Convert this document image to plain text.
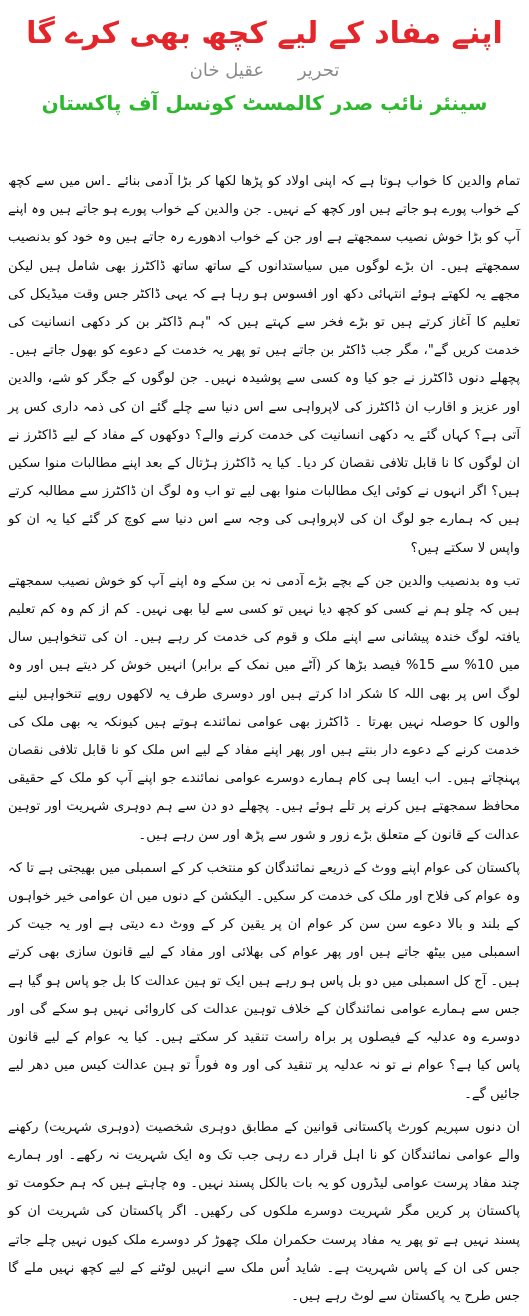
اپنے مفاد کے لیے کچھ بھی کرے گا
تحریر عقیل خان
سینئر نائب صدر کالمسٹ کونسل آف پاکستان

تمام والدین کا خواب ہوتا ہے کہ اپنی اولاد کو پڑھا لکھا کر بڑا آدمی بنائے ۔اس میں سے کچھ کے خواب پورے ہو جاتے ہیں اور کچھ کے نہیں۔ جن والدین کے خواب پورے ہو جاتے ہیں وہ اپنے آپ کو بڑا خوش نصیب سمجھتے ہے اور جن کے خواب ادھورے رہ جاتے ہیں وہ خود کو بدنصیب سمجھتے ہیں۔ ان بڑے لوگوں میں سیاستدانوں کے ساتھ ساتھ ڈاکٹرز بھی شامل ہیں لیکن مجھے یہ لکھتے ہوئے انتہائی دکھ اور افسوس ہو رہا ہے کہ یہی ڈاکٹر جس وقت میڈیکل کی تعلیم کا آغاز کرتے ہیں تو بڑے فخر سے کہتے ہیں کہ "ہم ڈاکٹر بن کر دکھی انسانیت کی خدمت کریں گے"، مگر جب ڈاکٹر بن جاتے ہیں تو پھر یہ خدمت کے دعوے کو بھول جاتے ہیں۔ پچھلے دنوں ڈاکٹرز نے جو کیا وہ کسی سے پوشیدہ نہیں۔ جن لوگوں کے جگر کو شے، والدین اور عزیز و اقارب ان ڈاکٹرز کی لاپرواہی سے اس دنیا سے چلے گئے ان کی ذمہ داری کس پر آتی ہے؟ کہاں گئے یہ دکھی انسانیت کی خدمت کرنے والے؟ دوکھوں کے مفاد کے لیے ڈاکٹرز نے ان لوگوں کا نا قابل تلافی نقصان کر دیا۔ کیا یہ ڈاکٹرز ہڑتال کے بعد اپنے مطالبات منوا سکیں ہیں؟ اگر انہوں نے کوئی ایک مطالبات منوا بھی لیے تو اب وہ لوگ ان ڈاکٹرز سے مطالبہ کرتے ہیں کہ ہمارے جو لوگ ان کی لاپرواہی کی وجہ سے اس دنیا سے کوچ کر گئے کیا یہ ان کو واپس لا سکتے ہیں؟

تب وہ بدنصیب والدین جن کے بچے بڑے آدمی نہ بن سکے وہ اپنے آپ کو خوش نصیب سمجھتے ہیں کہ چلو ہم نے کسی کو کچھ دیا نہیں تو کسی سے لیا بھی نہیں۔ کم از کم وہ کم تعلیم یافتہ لوگ خندہ پیشانی سے اپنے ملک و قوم کی خدمت کر رہے ہیں۔ ان کی تنخواہیں سال میں 10% سے 15% فیصد بڑھا کر (آٹے میں نمک کے برابر) انہیں خوش کر دیتے ہیں اور وہ لوگ اس پر بھی اللہ کا شکر ادا کرتے ہیں اور دوسری طرف یہ لاکھوں روپے تنخواہیں لینے والوں کا حوصلہ نہیں بھرتا ۔ ڈاکٹرز بھی عوامی نمائندے ہوتے ہیں کیونکہ یہ بھی ملک کی خدمت کرنے کے دعوے دار بنتے ہیں اور پھر اپنے مفاد کے لیے اس ملک کو نا قابل تلافی نقصان پہنچاتے ہیں۔ اب ایسا ہی کام ہمارے دوسرے عوامی نمائندے جو اپنے آپ کو ملک کے حقیقی محافظ سمجھتے ہیں کرنے پر تلے ہوئے ہیں۔ پچھلے دو دن سے ہم دوہری شہریت اور توہین عدالت کے قانون کے متعلق بڑے زور و شور سے پڑھ اور سن رہے ہیں۔

پاکستان کی عوام اپنے ووٹ کے ذریعے نمائندگان کو منتخب کر کے اسمبلی میں بھیجتی ہے تا کہ وہ عوام کی فلاح اور ملک کی خدمت کر سکیں۔ الیکشن کے دنوں میں ان عوامی خیر خواہوں کے بلند و بالا دعوے سن سن کر عوام ان پر یقین کر کے ووٹ دے دیتی ہے اور یہ جیت کر اسمبلی میں بیٹھ جاتے ہیں اور پھر عوام کی بھلائی اور مفاد کے لیے قانون سازی بھی کرتے ہیں۔ آج کل اسمبلی میں دو بل پاس ہو رہے ہیں ایک تو ہین عدالت کا بل جو پاس ہو گیا ہے جس سے ہمارے عوامی نمائندگان کے خلاف توہین عدالت کی کاروائی نہیں ہو سکے گی اور دوسرے وہ عدلیہ کے فیصلوں پر براہ راست تنقید کر سکتے ہیں۔ کیا یہ عوام کے لیے قانون پاس کیا ہے؟ عوام نے تو نہ عدلیہ پر تنقید کی اور وہ فوراً تو ہین عدالت کیس میں دھر لیے جائیں گے۔

ان دنوں سپریم کورٹ پاکستانی قوانین کے مطابق دوہری شخصیت (دوہری شہریت) رکھنے والے عوامی نمائندگان کو نا اہل قرار دے رہی جب تک وہ ایک شہریت نہ رکھے۔ اور ہمارے چند مفاد پرست عوامی لیڈروں کو یہ بات بالکل پسند نہیں۔ وہ چاہتے ہیں کہ ہم حکومت تو پاکستان پر کریں مگر شہریت دوسرے ملکوں کی رکھیں۔ اگر پاکستان کی شہریت ان کو پسند نہیں ہے تو پھر یہ مفاد پرست حکمران ملک چھوڑ کر دوسرے ملک کیوں نہیں چلے جاتے جس کی ان کے پاس شہریت ہے۔ شاید اُس ملک سے انہیں لوٹنے کے لیے کچھ نہیں ملے گا جس طرح یہ پاکستان سے لوٹ رہے ہیں۔
